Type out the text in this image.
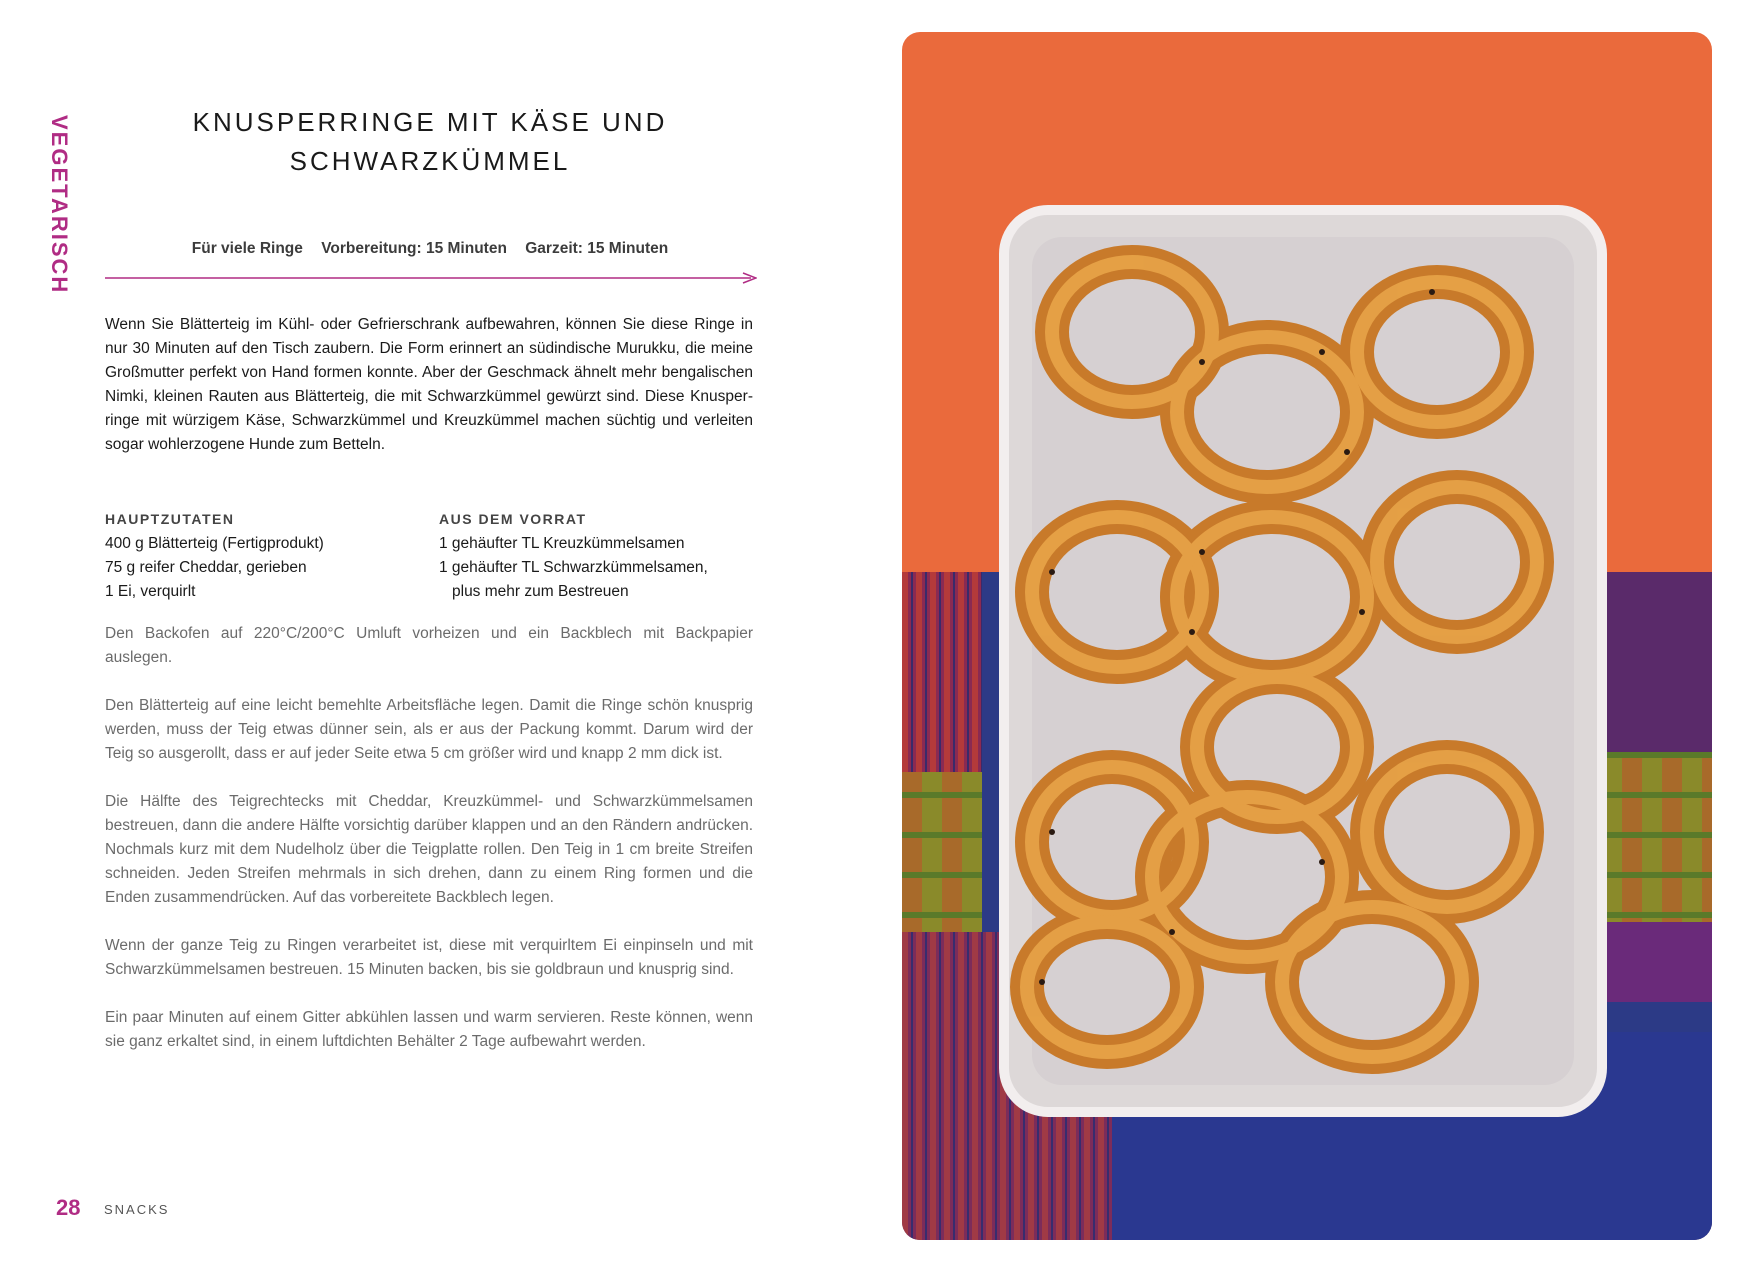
VEGETARISCH	KNUSPERRINGE MIT KÄSE UND
SCHWARZKÜMMEL
Für viele Ringe Vorbereitung: 15 Minuten Garzeit: 15 Minuten

Wenn Sie Blätterteig im Kühl- oder Gefrierschrank aufbewahren, können Sie diese Ringe in nur 30 Minuten auf den Tisch zaubern. Die Form erinnert an südindische Murukku, die meine Großmutter perfekt von Hand formen konnte. Aber der Geschmack ähnelt mehr bengalischen Nimki, kleinen Rauten aus Blätterteig, die mit Schwarzkümmel gewürzt sind. Diese Knusper-ringe mit würzigem Käse, Schwarzkümmel und Kreuzkümmel machen süchtig und verleiten sogar wohlerzogene Hunde zum Betteln.

HAUPTZUTATEN
400 g Blätterteig (Fertigprodukt)
75 g reifer Cheddar, gerieben
1 Ei, verquirlt
AUS DEM VORRAT
1 gehäufter TL Kreuzkümmelsamen
1 gehäufter TL Schwarzkümmelsamen,
plus mehr zum Bestreuen

Den Backofen auf 220°C/200°C Umluft vorheizen und ein Backblech mit Backpapier auslegen.

Den Blätterteig auf eine leicht bemehlte Arbeitsfläche legen. Damit die Ringe schön knusprig werden, muss der Teig etwas dünner sein, als er aus der Packung kommt. Darum wird der Teig so ausgerollt, dass er auf jeder Seite etwa 5 cm größer wird und knapp 2 mm dick ist.

Die Hälfte des Teigrechtecks mit Cheddar, Kreuzkümmel- und Schwarzkümmelsamen bestreuen, dann die andere Hälfte vorsichtig darüber klappen und an den Rändern andrücken. Nochmals kurz mit dem Nudelholz über die Teigplatte rollen. Den Teig in 1 cm breite Streifen schneiden. Jeden Streifen mehrmals in sich drehen, dann zu einem Ring formen und die Enden zusammendrücken. Auf das vorbereitete Backblech legen.

Wenn der ganze Teig zu Ringen verarbeitet ist, diese mit verquirltem Ei einpinseln und mit Schwarzkümmelsamen bestreuen. 15 Minuten backen, bis sie goldbraun und knusprig sind.

Ein paar Minuten auf einem Gitter abkühlen lassen und warm servieren. Reste können, wenn sie ganz erkaltet sind, in einem luftdichten Behälter 2 Tage aufbewahrt werden.

28 SNACKS
